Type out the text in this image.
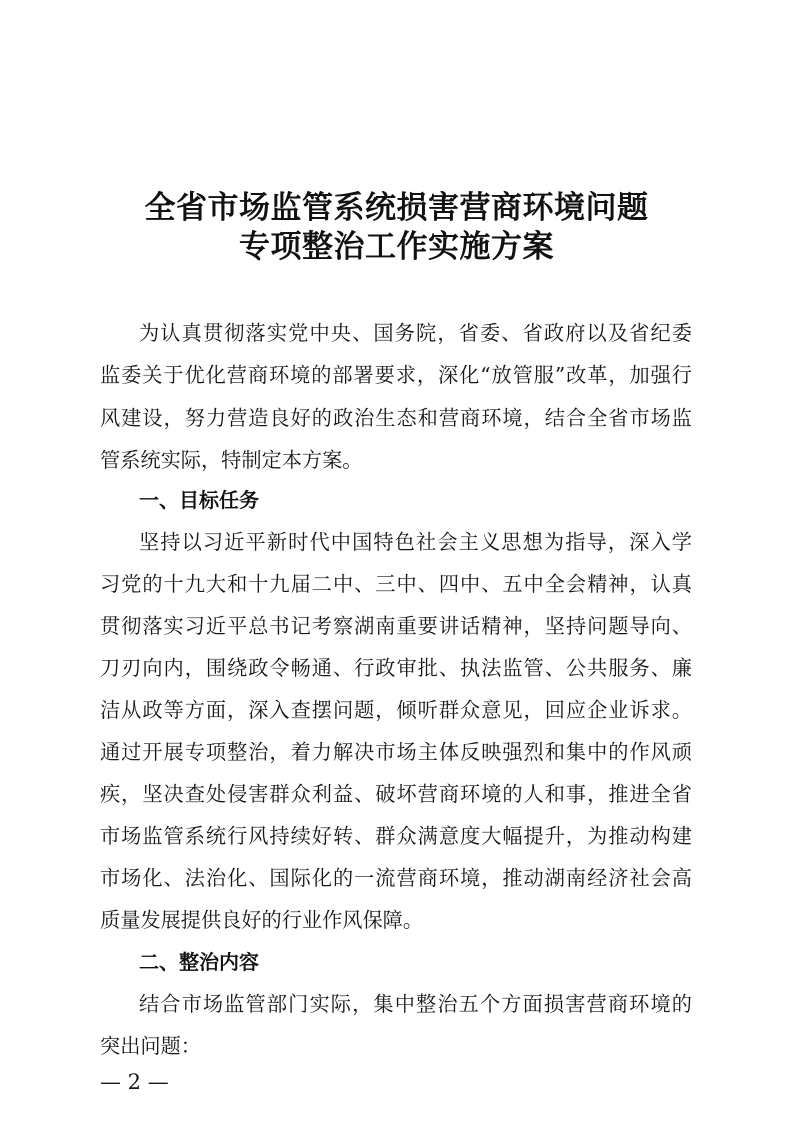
全省市场监管系统损害营商环境问题
专项整治工作实施方案
为认真贯彻落实党中央、国务院，省委、省政府以及省纪委
监委关于优化营商环境的部署要求，深化“放管服”改革，加强行
风建设，努力营造良好的政治生态和营商环境，结合全省市场监
管系统实际，特制定本方案。
一、目标任务
坚持以习近平新时代中国特色社会主义思想为指导，深入学
习党的十九大和十九届二中、三中、四中、五中全会精神，认真
贯彻落实习近平总书记考察湖南重要讲话精神，坚持问题导向、
刀刃向内，围绕政令畅通、行政审批、执法监管、公共服务、廉
洁从政等方面，深入查摆问题，倾听群众意见，回应企业诉求。
通过开展专项整治，着力解决市场主体反映强烈和集中的作风顽
疾，坚决查处侵害群众利益、破坏营商环境的人和事，推进全省
市场监管系统行风持续好转、群众满意度大幅提升，为推动构建
市场化、法治化、国际化的一流营商环境，推动湖南经济社会高
质量发展提供良好的行业作风保障。
二、整治内容
结合市场监管部门实际，集中整治五个方面损害营商环境的
突出问题：
— 2 —
